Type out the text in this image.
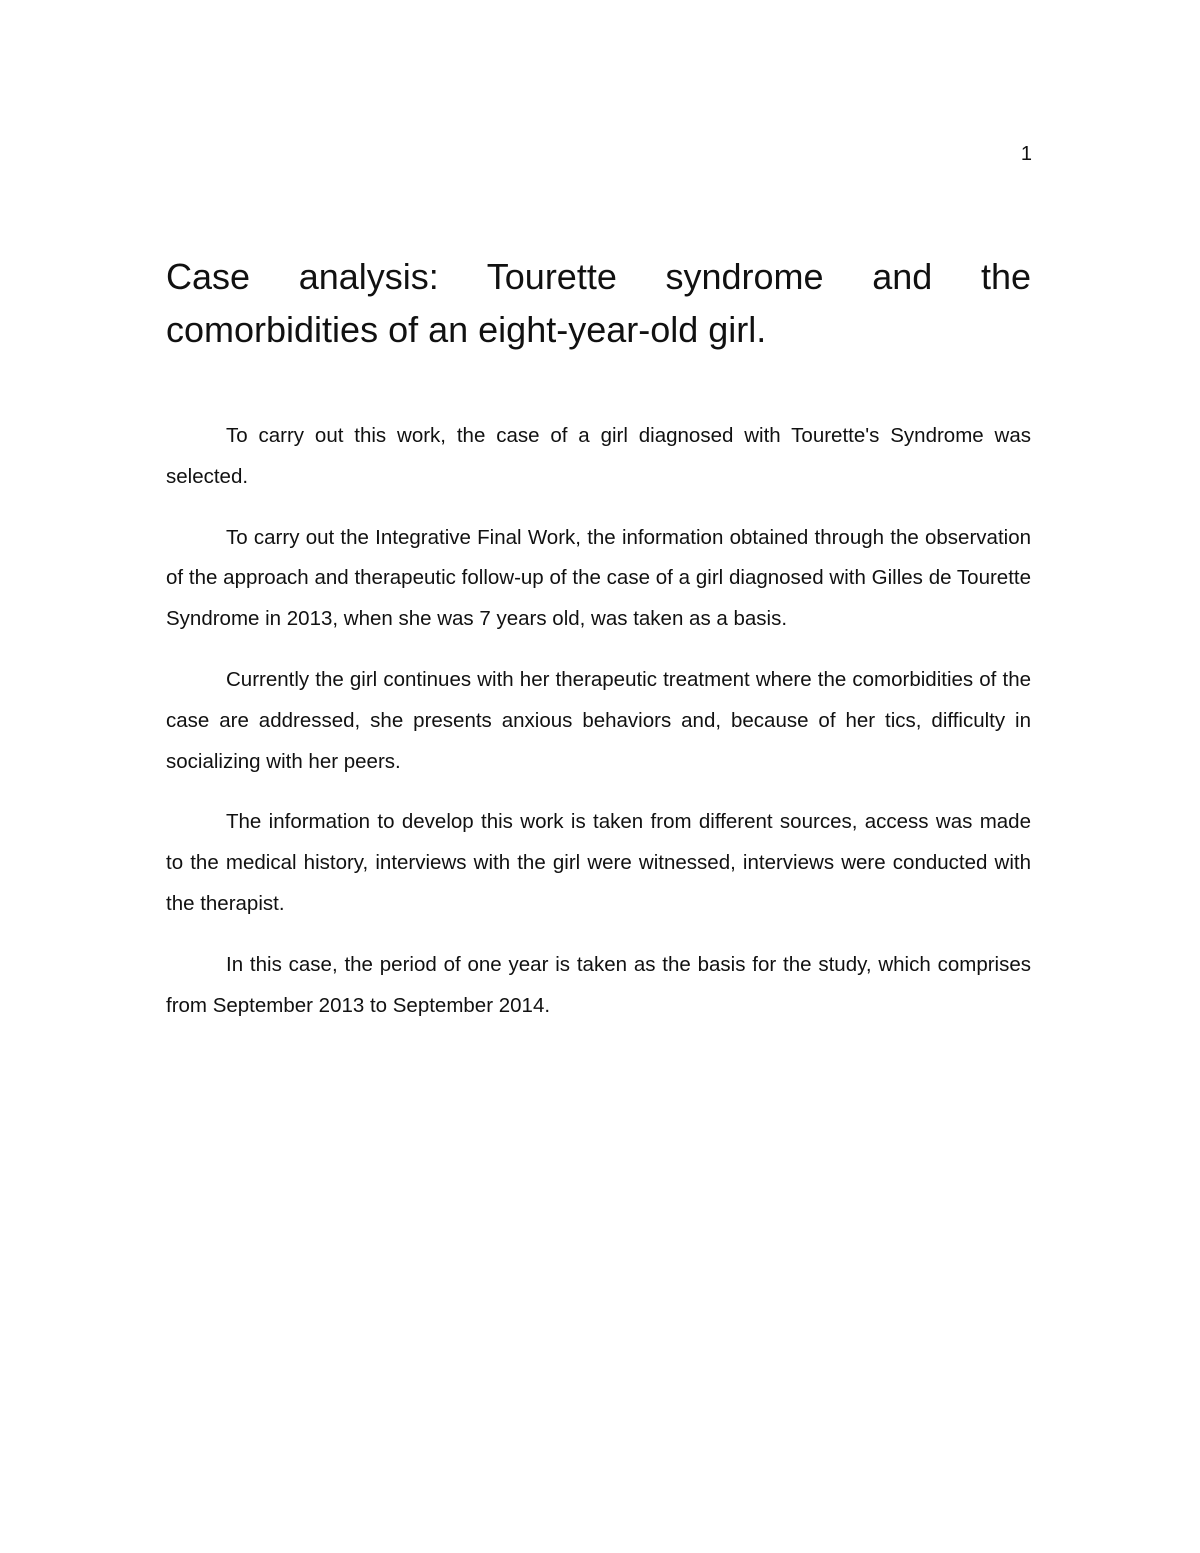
1
Case analysis: Tourette syndrome and the comorbidities of an eight-year-old girl.

To carry out this work, the case of a girl diagnosed with Tourette's Syndrome was selected.

To carry out the Integrative Final Work, the information obtained through the observation of the approach and therapeutic follow-up of the case of a girl diagnosed with Gilles de Tourette Syndrome in 2013, when she was 7 years old, was taken as a basis.

Currently the girl continues with her therapeutic treatment where the comorbidities of the case are addressed, she presents anxious behaviors and, because of her tics, difficulty in socializing with her peers.

The information to develop this work is taken from different sources, access was made to the medical history, interviews with the girl were witnessed, interviews were conducted with the therapist.

In this case, the period of one year is taken as the basis for the study, which comprises from September 2013 to September 2014.
